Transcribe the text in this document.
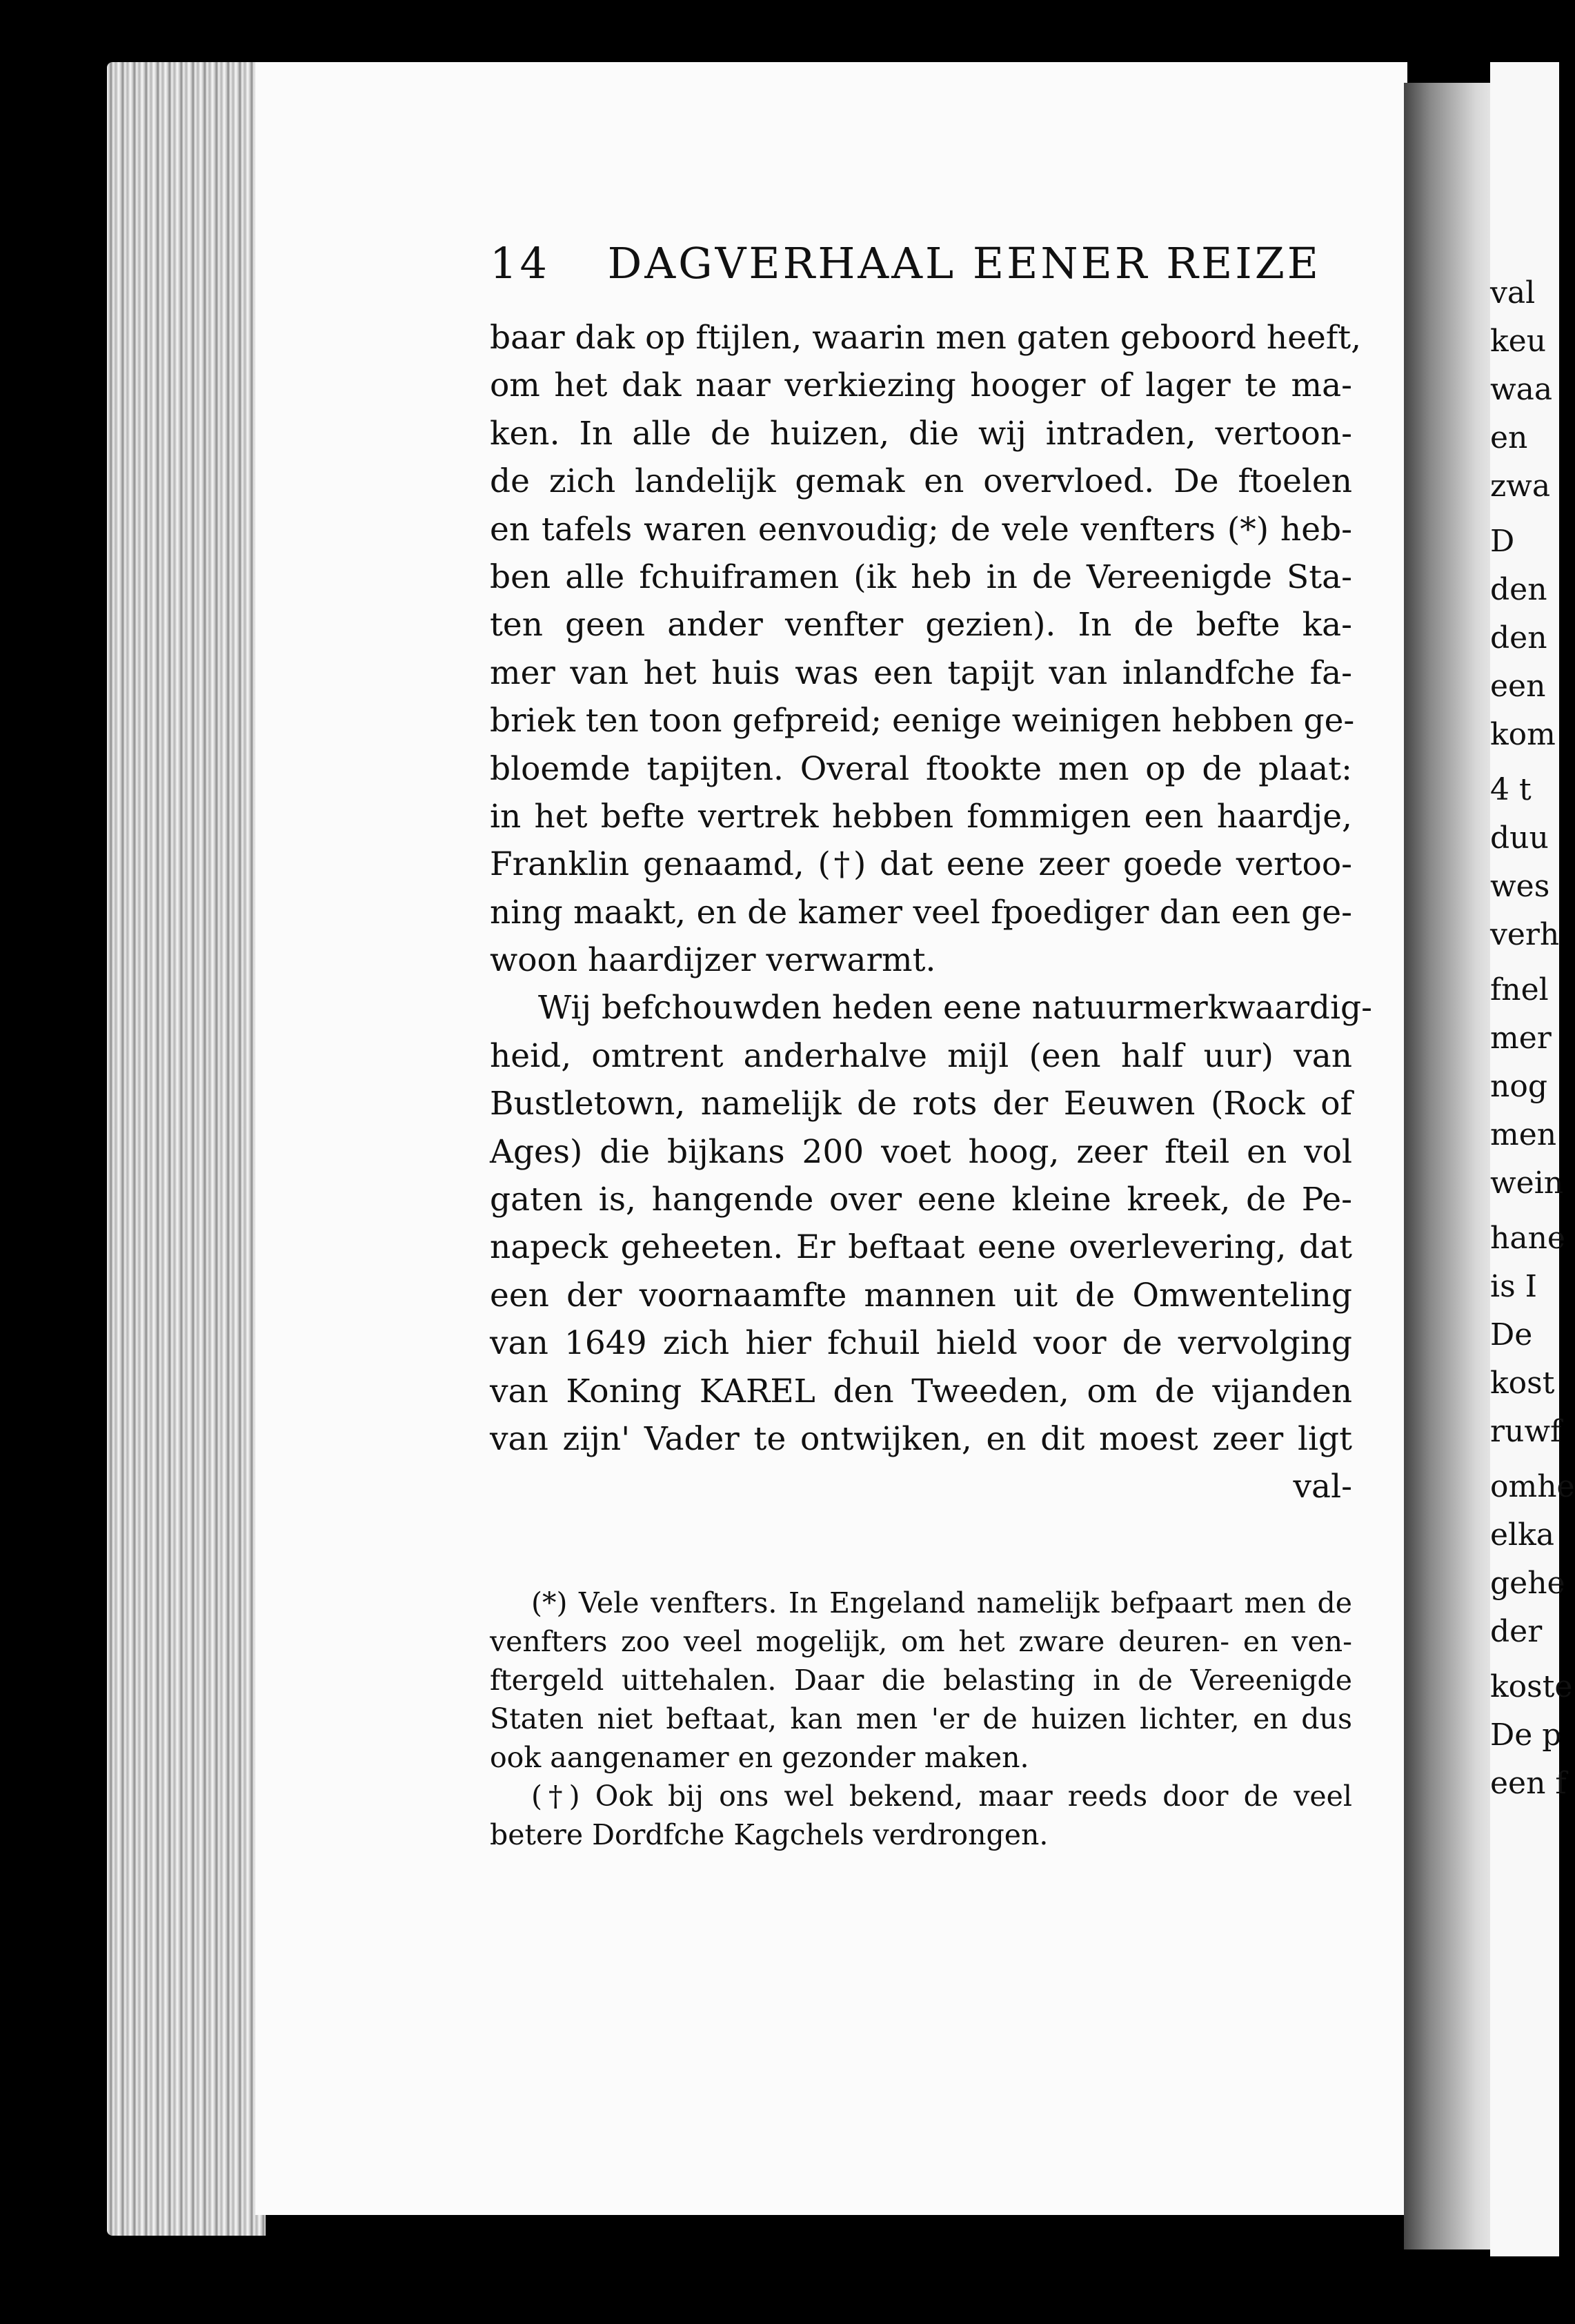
val
keu
waa
en
zwa
D
den
den
een
kom
4 t
duu
wes
verh
fnel
mer
nog
men
wein
hane
is I
De
kost
ruwf
omhe
elka
gehe
der
koste
De p
een f
14 DAGVERHAAL EENER REIZE
baar dak op ftijlen, waarin men gaten geboord heeft,
om het dak naar verkiezing hooger of lager te ma-
ken. In alle de huizen, die wij intraden, vertoon-
de zich landelijk gemak en overvloed. De ftoelen
en tafels waren eenvoudig; de vele venfters (*) heb-
ben alle fchuiframen (ik heb in de Vereenigde Sta-
ten geen ander venfter gezien). In de befte ka-
mer van het huis was een tapijt van inlandfche fa-
briek ten toon gefpreid; eenige weinigen hebben ge-
bloemde tapijten. Overal ftookte men op de plaat:
in het befte vertrek hebben fommigen een haardje,
Franklin genaamd, (†) dat eene zeer goede vertoo-
ning maakt, en de kamer veel fpoediger dan een ge-
woon haardijzer verwarmt.
Wij befchouwden heden eene natuurmerkwaardig-
heid, omtrent anderhalve mijl (een half uur) van
Bustletown, namelijk de rots der Eeuwen (Rock of
Ages) die bijkans 200 voet hoog, zeer fteil en vol
gaten is, hangende over eene kleine kreek, de Pe-
napeck geheeten. Er beftaat eene overlevering, dat
een der voornaamfte mannen uit de Omwenteling
van 1649 zich hier fchuil hield voor de vervolging
van Koning KAREL den Tweeden, om de vijanden
van zijn' Vader te ontwijken, en dit moest zeer ligt
val-
(*) Vele venfters. In Engeland namelijk befpaart men de
venfters zoo veel mogelijk, om het zware deuren- en ven-
ftergeld uittehalen. Daar die belasting in de Vereenigde
Staten niet beftaat, kan men 'er de huizen lichter, en dus
ook aangenamer en gezonder maken.
(†) Ook bij ons wel bekend, maar reeds door de veel
betere Dordfche Kagchels verdrongen.
